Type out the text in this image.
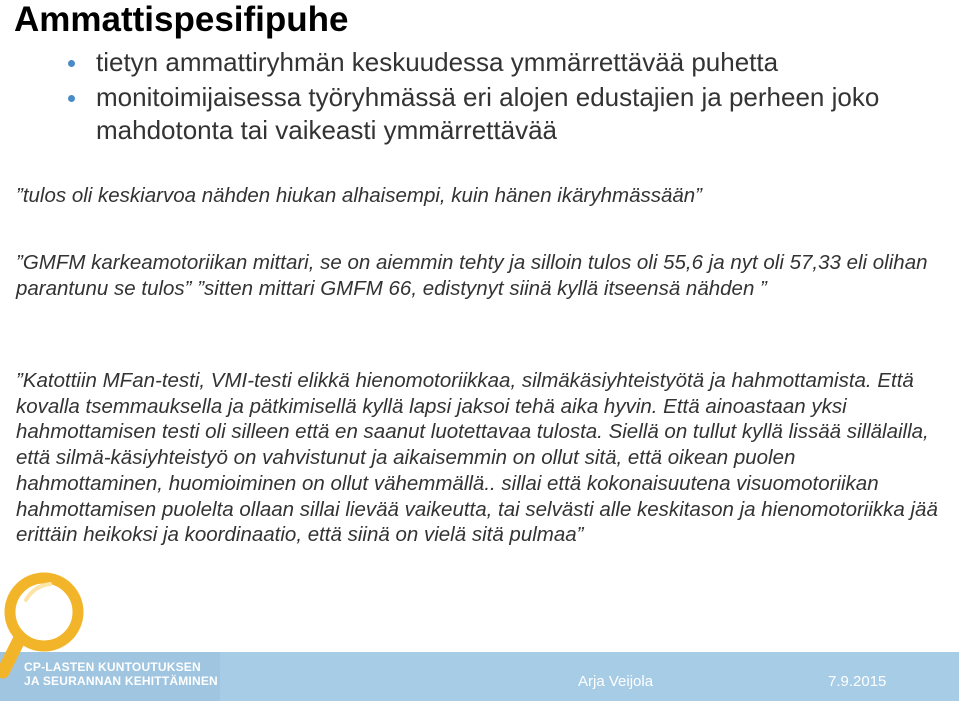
Ammattispesifipuhe
tietyn ammattiryhmän keskuudessa ymmärrettävää puhetta
monitoimijaisessa työryhmässä eri alojen edustajien ja perheen joko mahdotonta tai vaikeasti ymmärrettävää
”tulos oli keskiarvoa nähden hiukan alhaisempi, kuin hänen ikäryhmässään”
”GMFM karkeamotoriikan mittari, se on aiemmin tehty ja silloin tulos oli 55,6 ja nyt oli 57,33 eli olihan parantunu se tulos” ”sitten mittari GMFM 66, edistynyt siinä kyllä itseensä nähden ”
”Katottiin MFan-testi, VMI-testi elikkä hienomotoriikkaa, silmäkäsiyhteistyötä ja hahmottamista. Että kovalla tsemmauksella ja pätkimisellä kyllä lapsi jaksoi tehä aika hyvin. Että ainoastaan yksi hahmottamisen testi oli silleen että en saanut luotettavaa tulosta. Siellä on tullut kyllä lissää sillälailla, että silmä-käsiyhteistyö on vahvistunut ja aikaisemmin on ollut sitä, että oikean puolen hahmottaminen, huomioiminen on ollut vähemmällä.. sillai että kokonaisuutena visuomotoriikan hahmottamisen puolelta ollaan sillai lievää vaikeutta, tai selvästi alle keskitason ja hienomotoriikka jää erittäin heikoksi ja koordinaatio, että siinä on vielä sitä pulmaa”
CP-LASTEN KUNTOUTUKSEN
JA SEURANNAN KEHITTÄMINEN	Arja Veijola	7.9.2015
